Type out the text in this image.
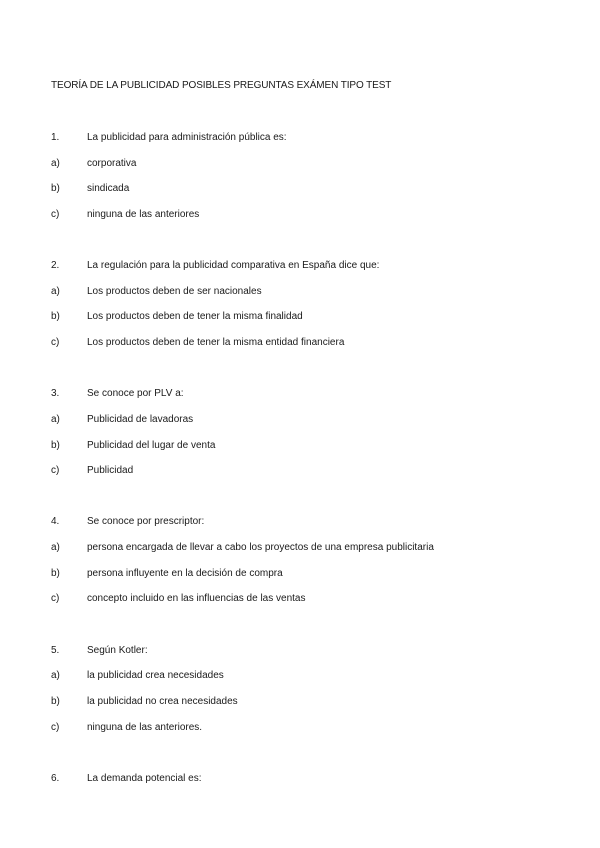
TEORÍA DE LA PUBLICIDAD POSIBLES PREGUNTAS EXÁMEN TIPO TEST
1.	La publicidad para administración pública es:
a)	corporativa
b)	sindicada
c)	ninguna de las anteriores
2.	La regulación para la publicidad comparativa en España dice que:
a)	Los productos deben de ser nacionales
b)	Los productos deben de tener la misma finalidad
c)	Los productos deben de tener la misma entidad financiera
3.	Se conoce por PLV a:
a)	Publicidad de lavadoras
b)	Publicidad del lugar de venta
c)	Publicidad
4.	Se conoce por prescriptor:
a)	persona encargada de llevar a cabo los proyectos de una empresa publicitaria
b)	persona influyente en la decisión de compra
c)	concepto incluido en las influencias de las ventas
5.	Según Kotler:
a)	la publicidad crea necesidades
b)	la publicidad no crea necesidades
c)	ninguna de las anteriores.
6.	La demanda potencial es:
